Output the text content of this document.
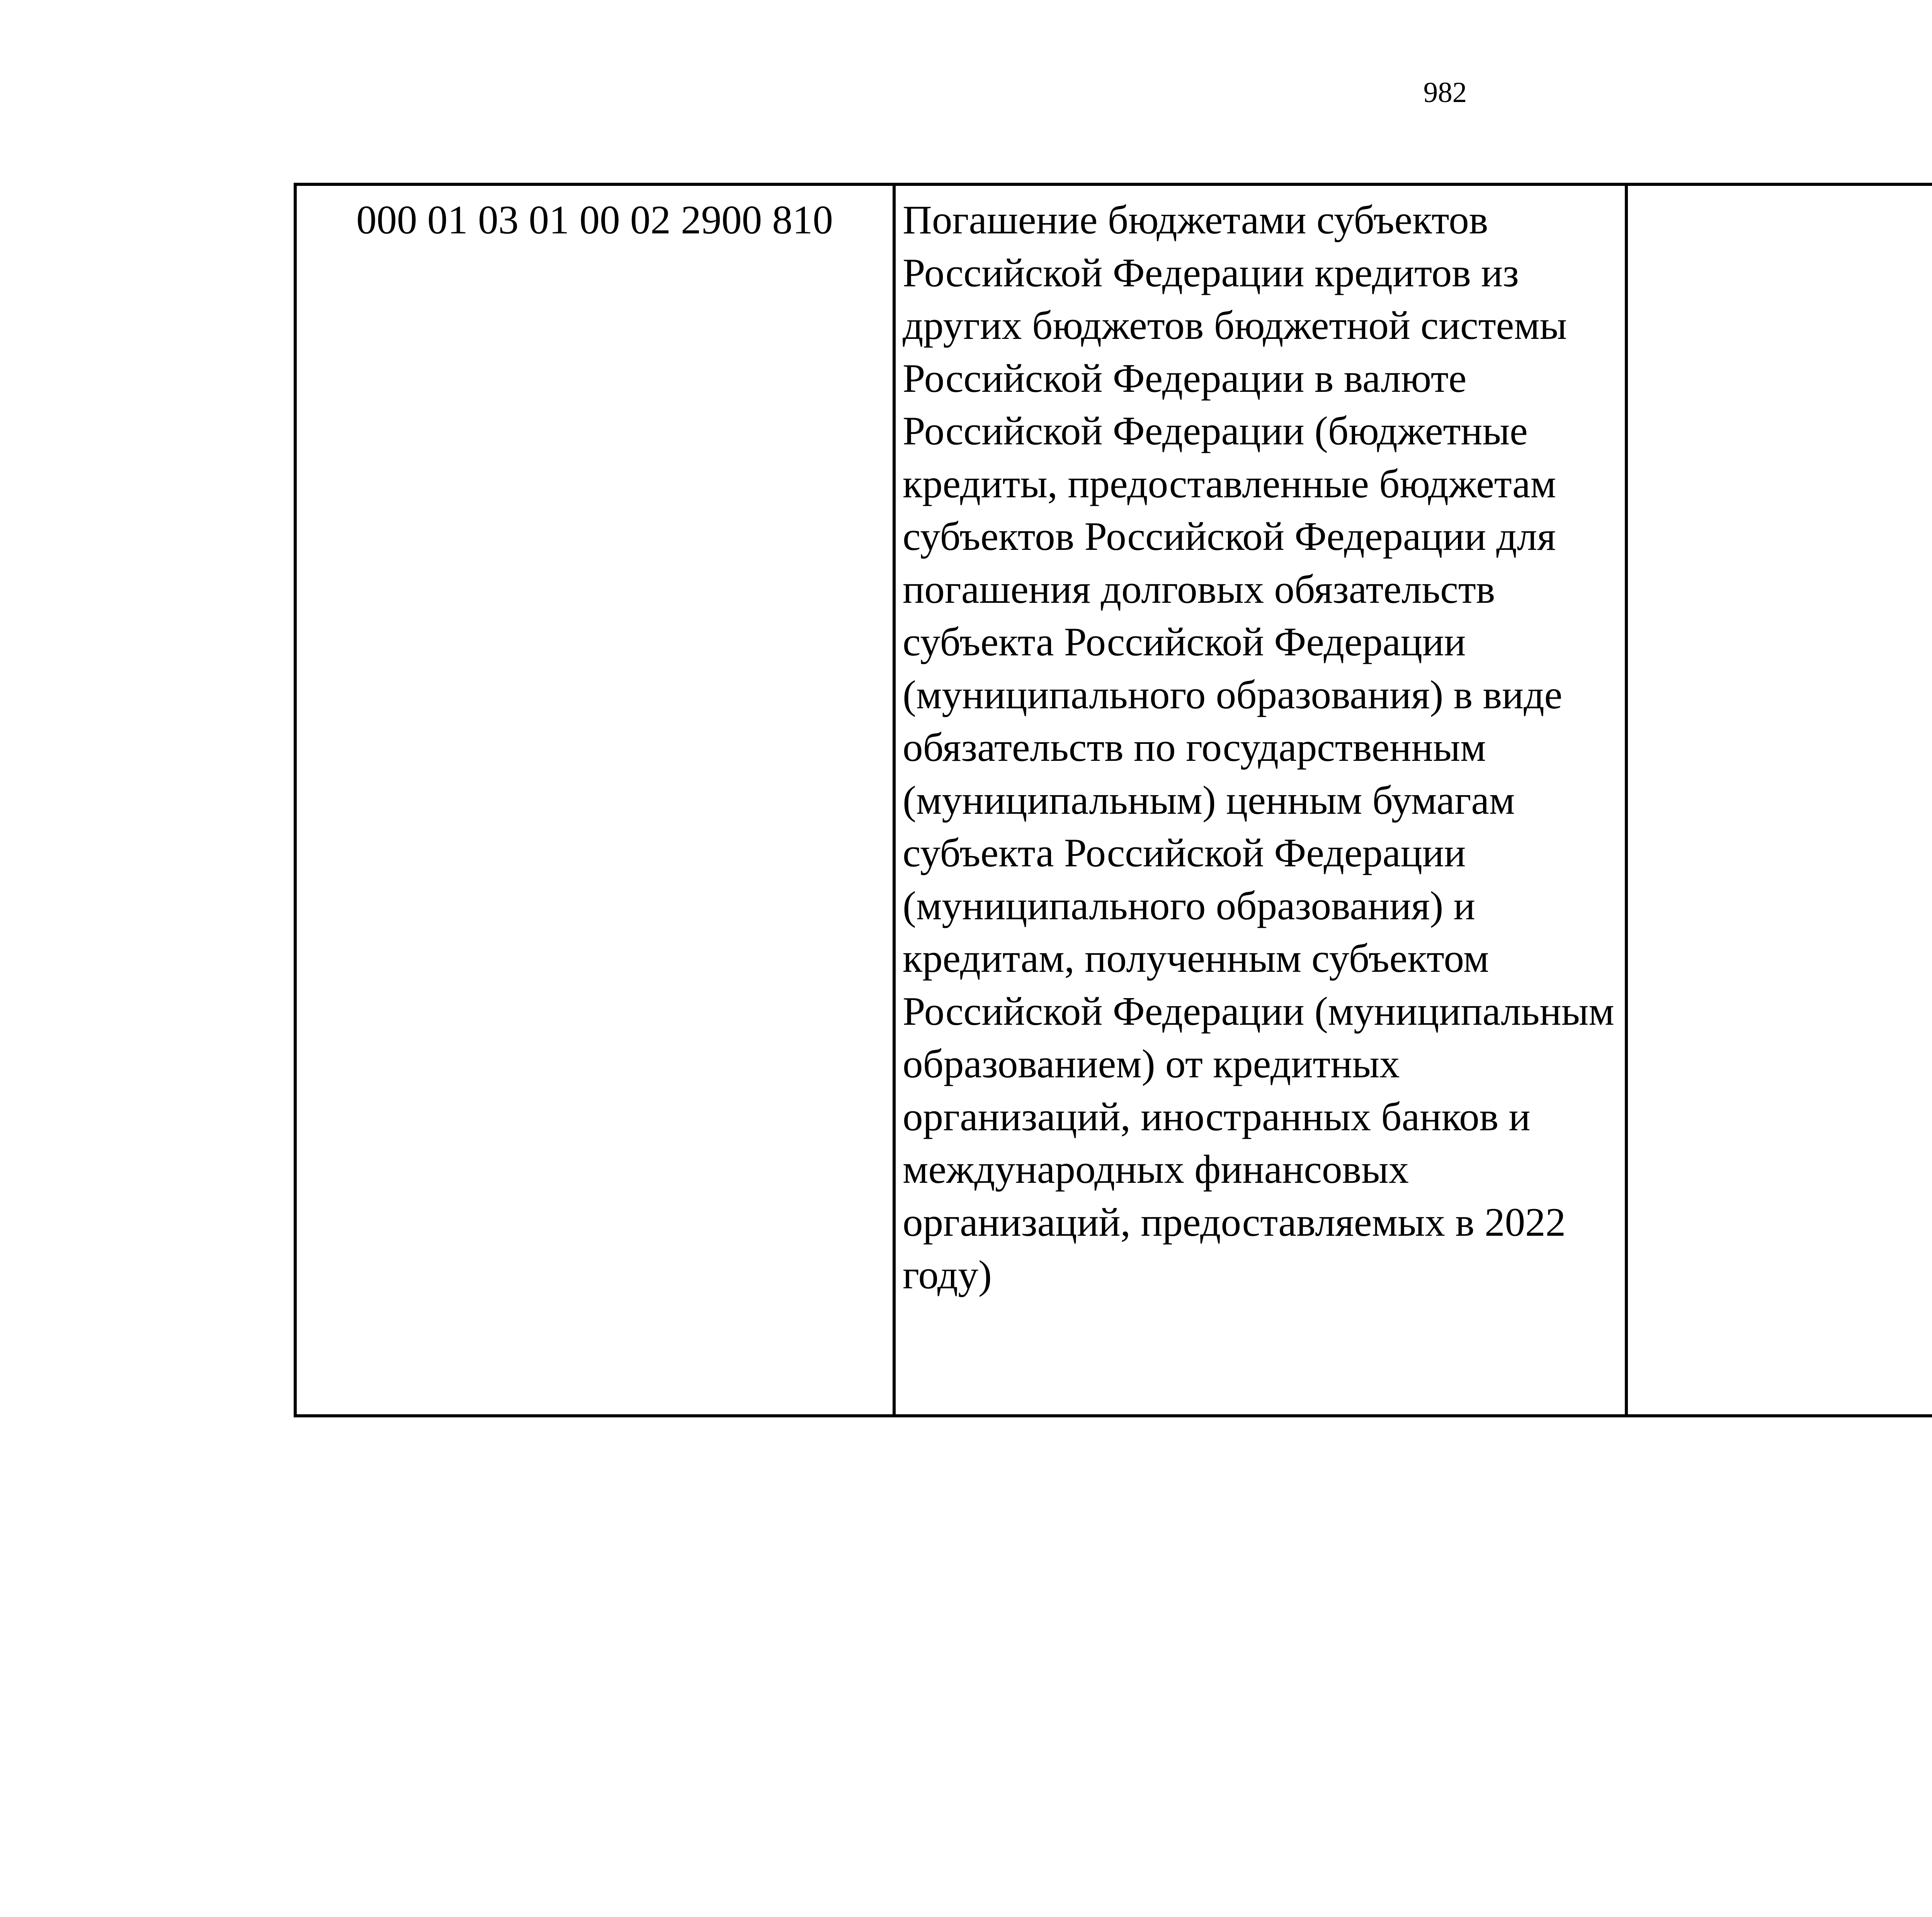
982
000 01 03 01 00 02 2900 810	Погашение бюджетами субъектов Российской Федерации кредитов из других бюджетов бюджетной системы Российской Федерации в валюте Российской Федерации (бюджетные кредиты, предоставленные бюджетам субъектов Российской Федерации для погашения долговых обязательств субъекта Российской Федерации (муниципального образования) в виде обязательств по государственным (муниципальным) ценным бумагам субъекта Российской Федерации (муниципального образования) и кредитам, полученным субъектом Российской Федерации (муниципальным образованием) от кредитных организаций, иностранных банков и международных финансовых организаций, предоставляемых в 2022 году)			
